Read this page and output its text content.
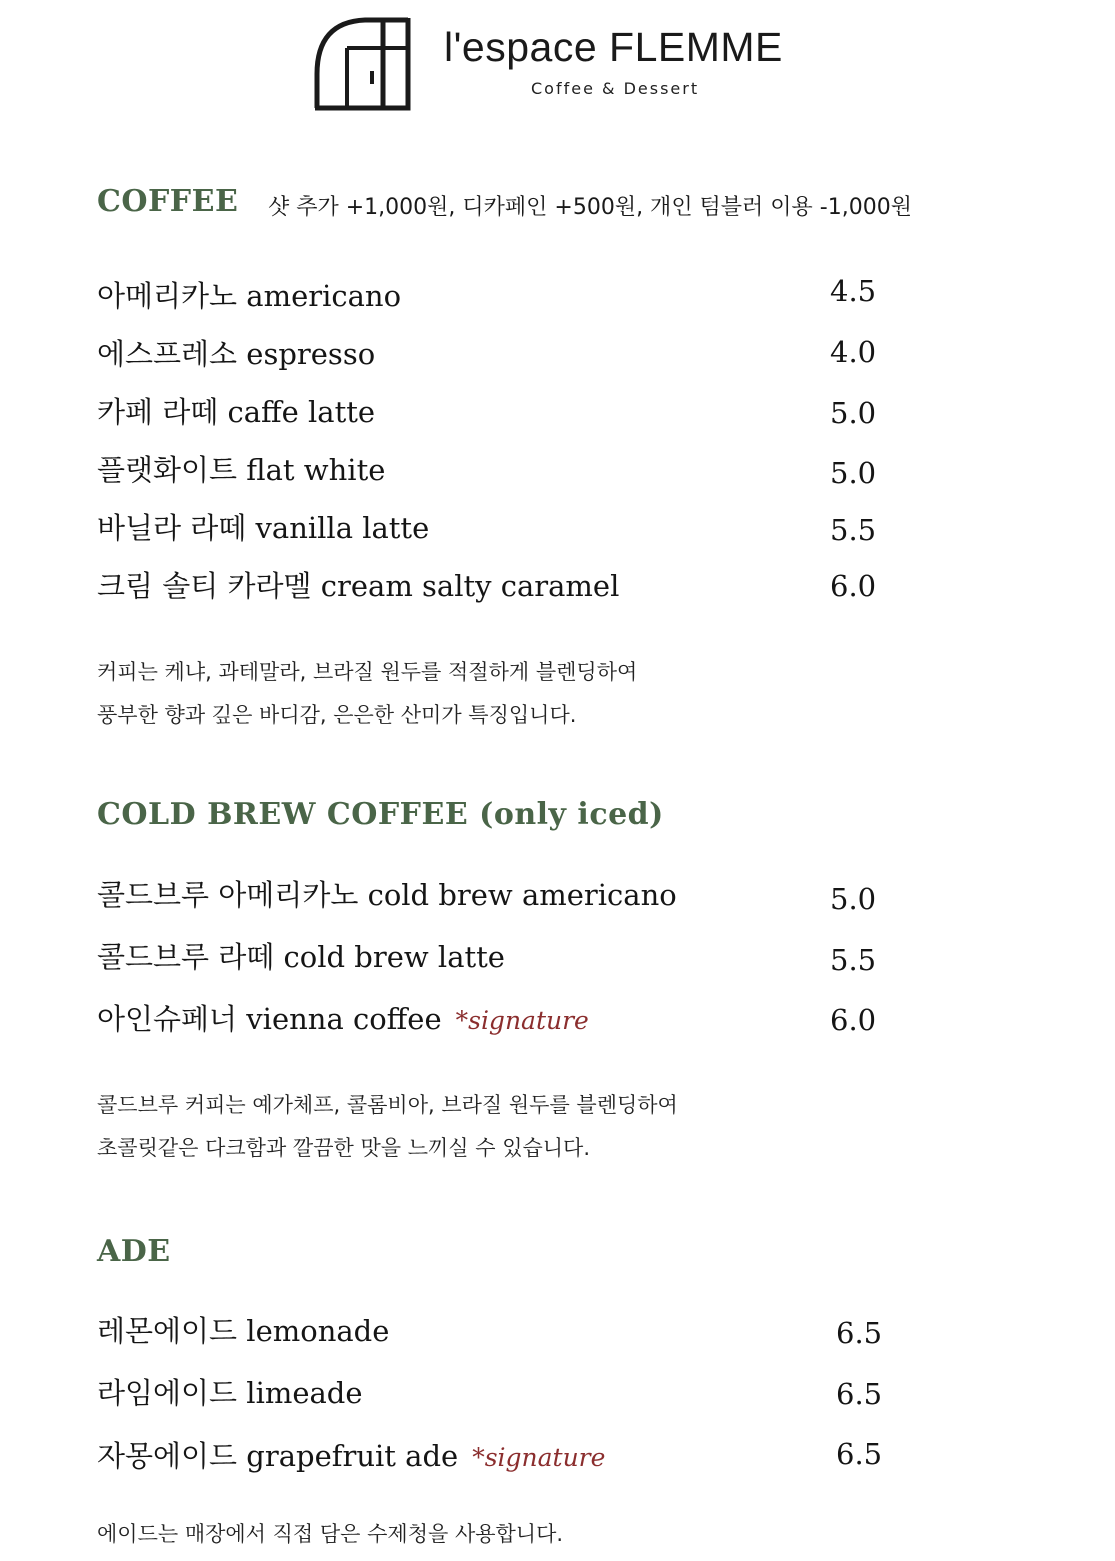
l'espace FLEMME
Coffee & Dessert
COFFEE 샷 추가 +1,000원, 디카페인 +500원, 개인 텀블러 이용 -1,000원
아메리카노 americano	4.5
에스프레소 espresso	4.0
카페 라떼 caffe latte	5.0
플랫화이트 flat white	5.0
바닐라 라떼 vanilla latte	5.5
크림 솔티 카라멜 cream salty caramel	6.0
커피는 케냐, 과테말라, 브라질 원두를 적절하게 블렌딩하여
풍부한 향과 깊은 바디감, 은은한 산미가 특징입니다.
COLD BREW COFFEE (only iced)
콜드브루 아메리카노 cold brew americano	5.0
콜드브루 라떼 cold brew latte	5.5
아인슈페너 vienna coffee *signature	6.0
콜드브루 커피는 예가체프, 콜롬비아, 브라질 원두를 블렌딩하여
초콜릿같은 다크함과 깔끔한 맛을 느끼실 수 있습니다.
ADE
레몬에이드 lemonade	6.5
라임에이드 limeade	6.5
자몽에이드 grapefruit ade *signature	6.5
에이드는 매장에서 직접 담은 수제청을 사용합니다.
